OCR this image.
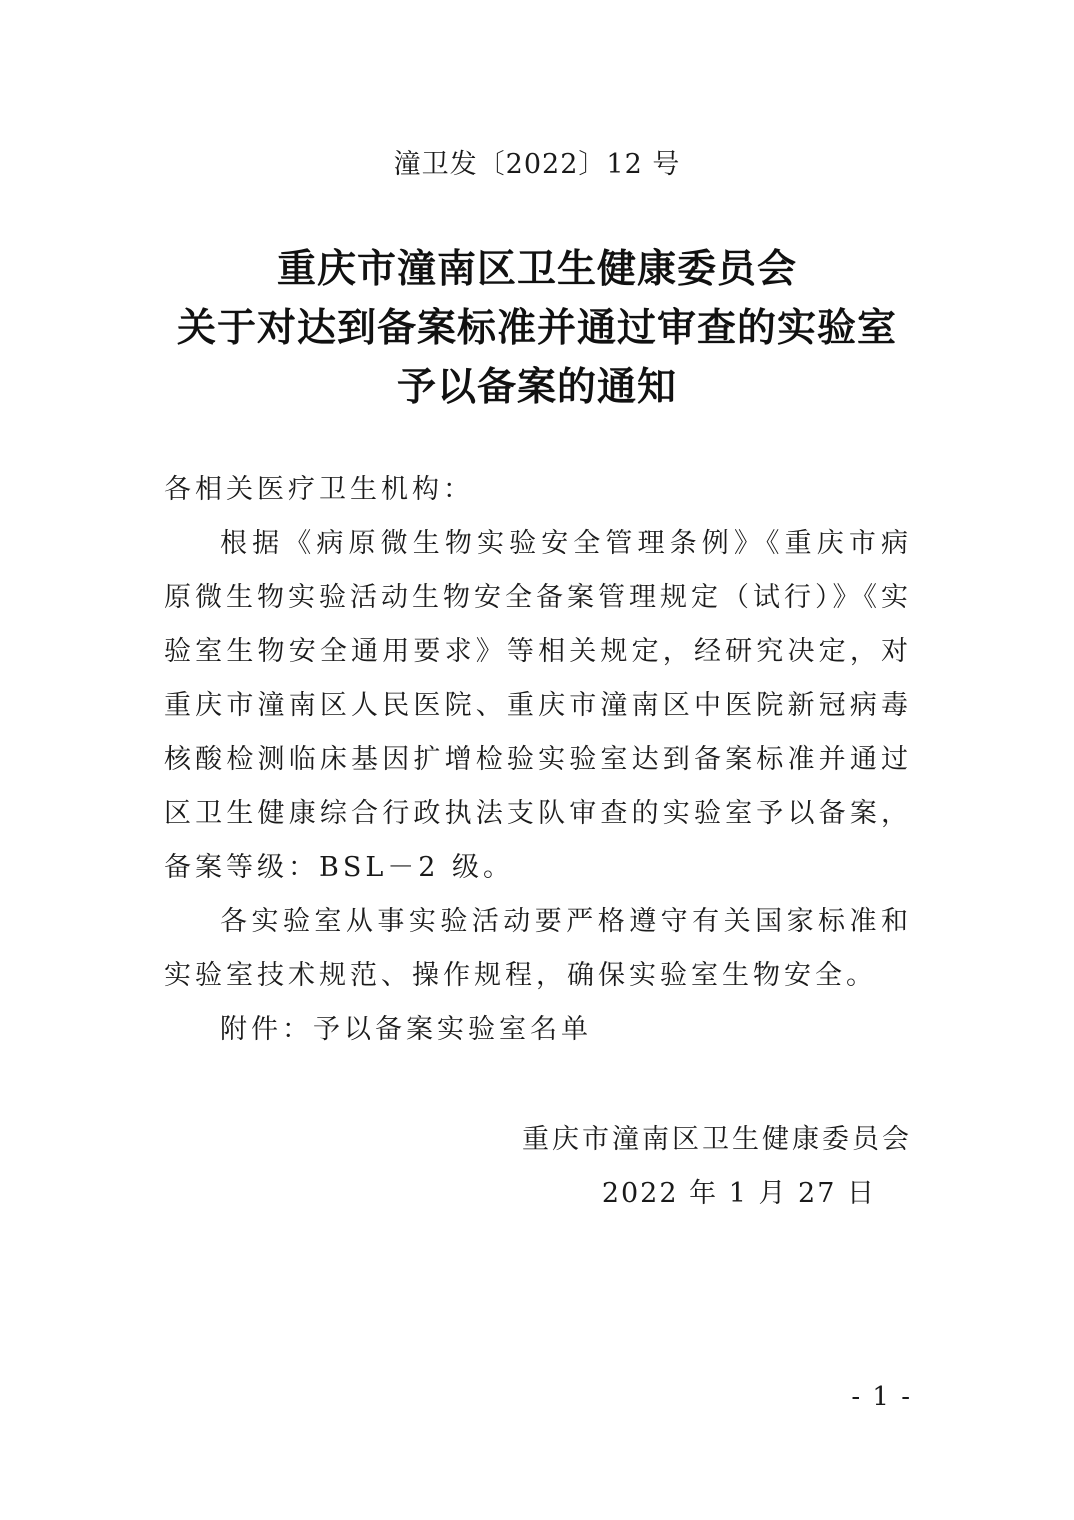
潼卫发〔2022〕12 号

重庆市潼南区卫生健康委员会
关于对达到备案标准并通过审查的实验室
予以备案的通知

各相关医疗卫生机构：

根据《病原微生物实验安全管理条例》《重庆市病原微生物实验活动生物安全备案管理规定（试行）》《实验室生物安全通用要求》等相关规定，经研究决定，对重庆市潼南区人民医院、重庆市潼南区中医院新冠病毒核酸检测临床基因扩增检验实验室达到备案标准并通过区卫生健康综合行政执法支队审查的实验室予以备案，备案等级：BSL－2 级。

各实验室从事实验活动要严格遵守有关国家标准和实验室技术规范、操作规程，确保实验室生物安全。

附件：予以备案实验室名单

重庆市潼南区卫生健康委员会
2022 年 1 月 27 日

- 1 -
